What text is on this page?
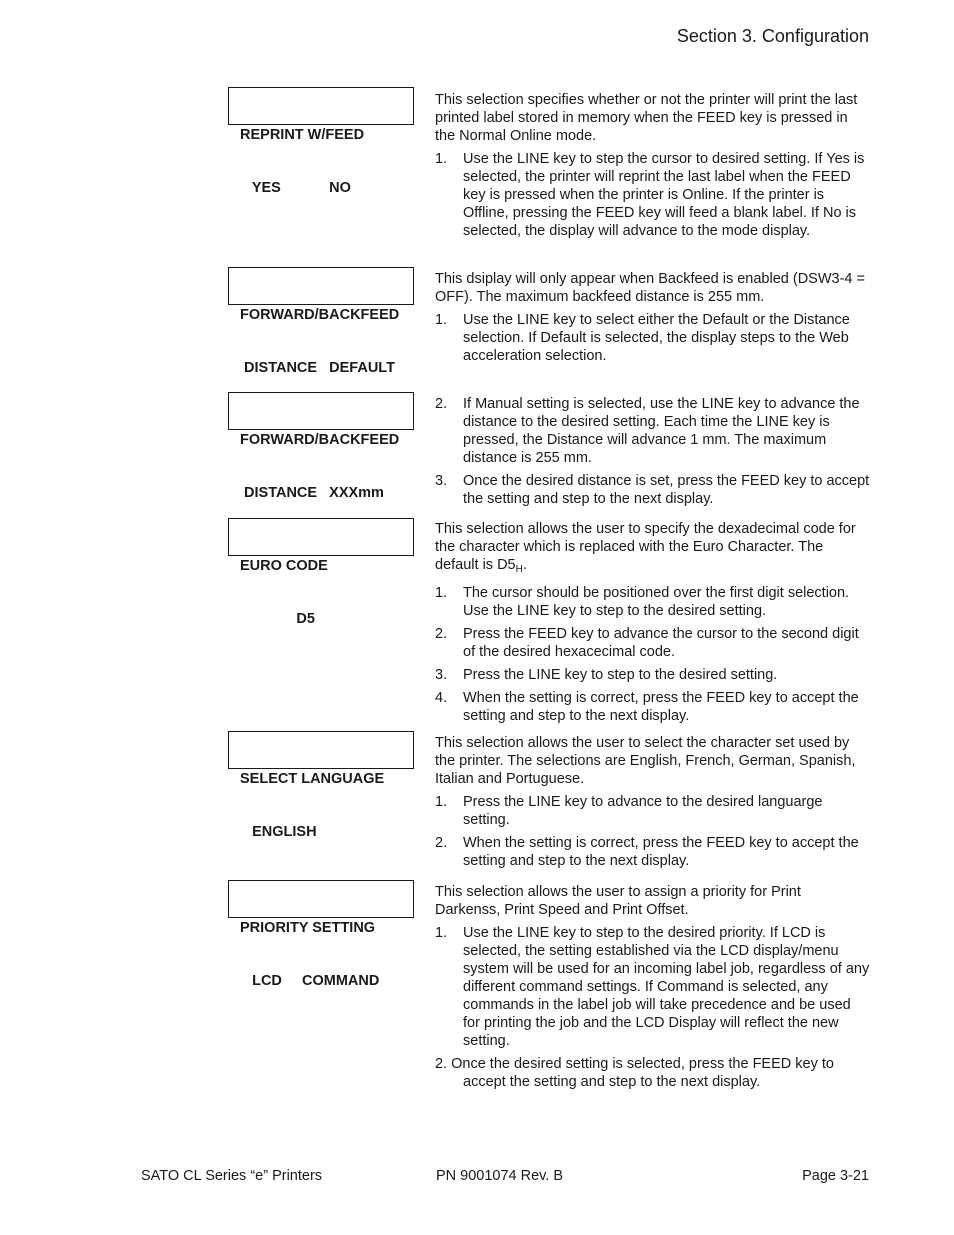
Section 3. Configuration

REPRINT W/FEED

YES            NO

FORWARD/BACKFEED

DISTANCE   DEFAULT

FORWARD/BACKFEED

DISTANCE   XXXmm

EURO CODE

D5

SELECT LANGUAGE

ENGLISH

PRIORITY SETTING

LCD     COMMAND

This selection specifies whether or not the printer will print the last printed label stored in memory when the FEED key is pressed in the Normal Online mode.

1.	Use the LINE key to step the cursor to desired setting. If Yes is selected, the printer will reprint the last label when the FEED key is pressed when the printer is Online. If the printer is Offline, pressing the FEED key will feed a blank label. If No is selected, the display will advance to the mode display.

This dsiplay will only appear when Backfeed is enabled (DSW3-4 = OFF). The maximum backfeed distance is 255 mm.

1.	Use the LINE key to select either the Default or the Distance selection. If Default is selected, the display steps to the Web acceleration selection.
2.	If Manual setting is selected, use the LINE key to advance the distance to the desired setting. Each time the LINE key is pressed, the Distance will advance 1 mm. The maximum distance is 255 mm.
3.	Once the desired distance is set, press the FEED key to accept the setting and step to the next display.

This selection allows the user to specify the dexadecimal code for the character which is replaced with the Euro Character. The default is $D5_H$.

1.	The cursor should be positioned over the first digit selection. Use the LINE key to step to the desired setting.
2.	Press the FEED key to advance the cursor to the second digit of the desired hexacecimal code.
3.	Press the LINE key to step to the desired setting.
4.	When the setting is correct, press the FEED key to accept the setting and step to the next display.

This selection allows the user to select the character set used by the printer. The selections are English, French, German, Spanish, Italian and Portuguese.

1.	Press the LINE key to advance to the desired languarge setting.
2.	When the setting is correct, press the FEED key to accept the setting and step to the next display.

This selection allows the user to assign a priority for Print Darkenss, Print Speed and Print Offset.

1.	Use the LINE key to step to the desired priority. If LCD is selected, the setting established via the LCD display/menu system will be used for an incoming label job, regardless of any different command settings. If Command is selected, any commands in the label job will take precedence and be used for printing the job and the LCD Display will reflect the new setting.
2. Once the desired setting is selected, press the FEED key to accept the setting and step to the next display.
SATO CL Series “e” Printers	PN 9001074 Rev. B	Page 3-21
